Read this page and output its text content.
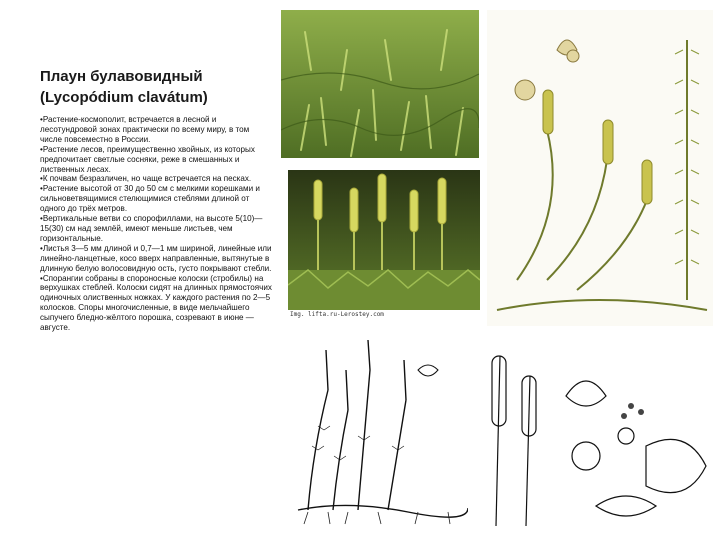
Плаун булавовидный
(Lycopódium clavátum)

•Растение-космополит, встречается в лесной и лесотундровой зонах практически по всему миру, в том числе повсеместно в России.

•Растение лесов, преимущественно хвойных, из которых предпочитает светлые сосняки, реже в смешанных и лиственных лесах.

•К почвам безразличен, но чаще встречается на песках.

•Растение высотой от 30 до 50 см с мелкими корешками и сильноветвящимися стелющимися стеблями длиной от одного до трёх метров.

•Вертикальные ветви со спорофиллами, на высоте 5(10)—15(30) см над землёй, имеют меньше листьев, чем горизонтальные.

•Листья 3—5 мм длиной и 0,7—1 мм шириной, линейные или линейно-ланцетные, косо вверх направленные, вытянутые в длинную белую волосовидную ость, густо покрывают стебли.

•Спорангии собраны в спороносные колоски (стробилы) на верхушках стеблей. Колоски сидят на длинных прямостоячих одиночных олиственных ножках. У каждого растения по 2—5 колосков. Споры многочисленные, в виде мельчайшего сыпучего бледно-жёлтого порошка, созревают в июне — августе.

Img. lifta.ru-Lerostey.com
